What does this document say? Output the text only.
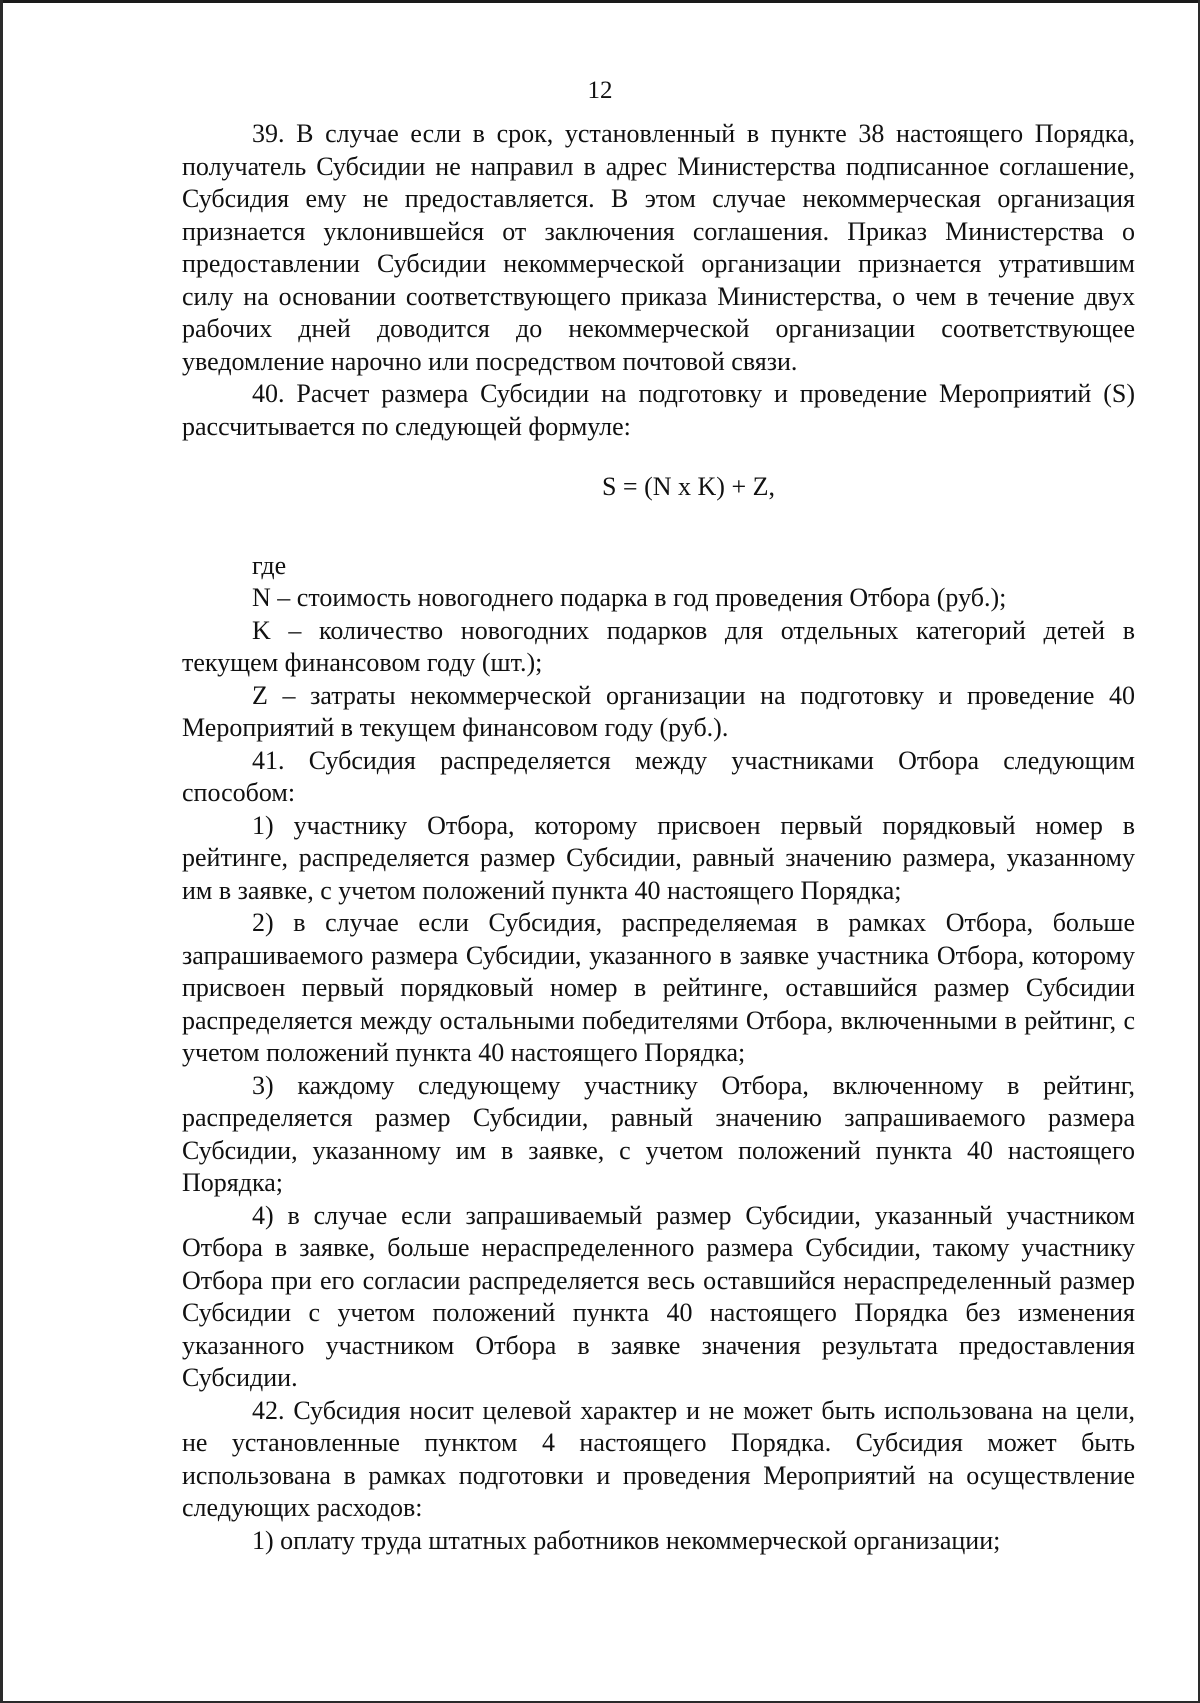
12

39. В случае если в срок, установленный в пункте 38 настоящего Порядка, получатель Субсидии не направил в адрес Министерства подписанное соглашение, Субсидия ему не предоставляется. В этом случае некоммерческая организация признается уклонившейся от заключения соглашения. Приказ Министерства о предоставлении Субсидии некоммерческой организации признается утратившим силу на основании соответствующего приказа Министерства, о чем в течение двух рабочих дней доводится до некоммерческой организации соответствующее уведомление нарочно или посредством почтовой связи.

40. Расчет размера Субсидии на подготовку и проведение Мероприятий (S) рассчитывается по следующей формуле:

S = (N x K) + Z,

где

N – стоимость новогоднего подарка в год проведения Отбора (руб.);

K – количество новогодних подарков для отдельных категорий детей в текущем финансовом году (шт.);

Z – затраты некоммерческой организации на подготовку и проведение 40 Мероприятий в текущем финансовом году (руб.).

41. Субсидия распределяется между участниками Отбора следующим способом:

1) участнику Отбора, которому присвоен первый порядковый номер в рейтинге, распределяется размер Субсидии, равный значению размера, указанному им в заявке, с учетом положений пункта 40 настоящего Порядка;

2) в случае если Субсидия, распределяемая в рамках Отбора, больше запрашиваемого размера Субсидии, указанного в заявке участника Отбора, которому присвоен первый порядковый номер в рейтинге, оставшийся размер Субсидии распределяется между остальными победителями Отбора, включенными в рейтинг, с учетом положений пункта 40 настоящего Порядка;

3) каждому следующему участнику Отбора, включенному в рейтинг, распределяется размер Субсидии, равный значению запрашиваемого размера Субсидии, указанному им в заявке, с учетом положений пункта 40 настоящего Порядка;

4) в случае если запрашиваемый размер Субсидии, указанный участником Отбора в заявке, больше нераспределенного размера Субсидии, такому участнику Отбора при его согласии распределяется весь оставшийся нераспределенный размер Субсидии с учетом положений пункта 40 настоящего Порядка без изменения указанного участником Отбора в заявке значения результата предоставления Субсидии.

42. Субсидия носит целевой характер и не может быть использована на цели, не установленные пунктом 4 настоящего Порядка. Субсидия может быть использована в рамках подготовки и проведения Мероприятий на осуществление следующих расходов:

1) оплату труда штатных работников некоммерческой организации;
